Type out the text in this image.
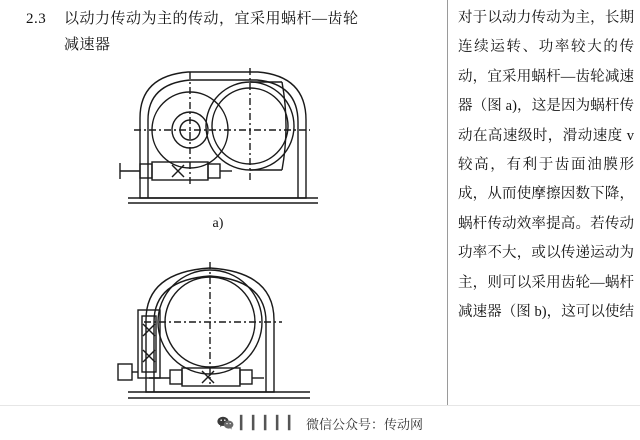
2.3 以动力传动为主的传动，宜采用蜗杆—齿轮
减速器
a)

对于以动力传动为主，长期连续运转、功率较大的传动，宜采用蜗杆—齿轮减速器（图 a)，这是因为蜗杆传动在高速级时，滑动速度 v 较高，有利于齿面油膜形成，从而使摩擦因数下降，蜗杆传动效率提高。若传动功率不大，或以传递运动为主，则可以采用齿轮—蜗杆减速器（图 b)，这可以使结

▎▎▎▎▎ 微信公众号：传动网
